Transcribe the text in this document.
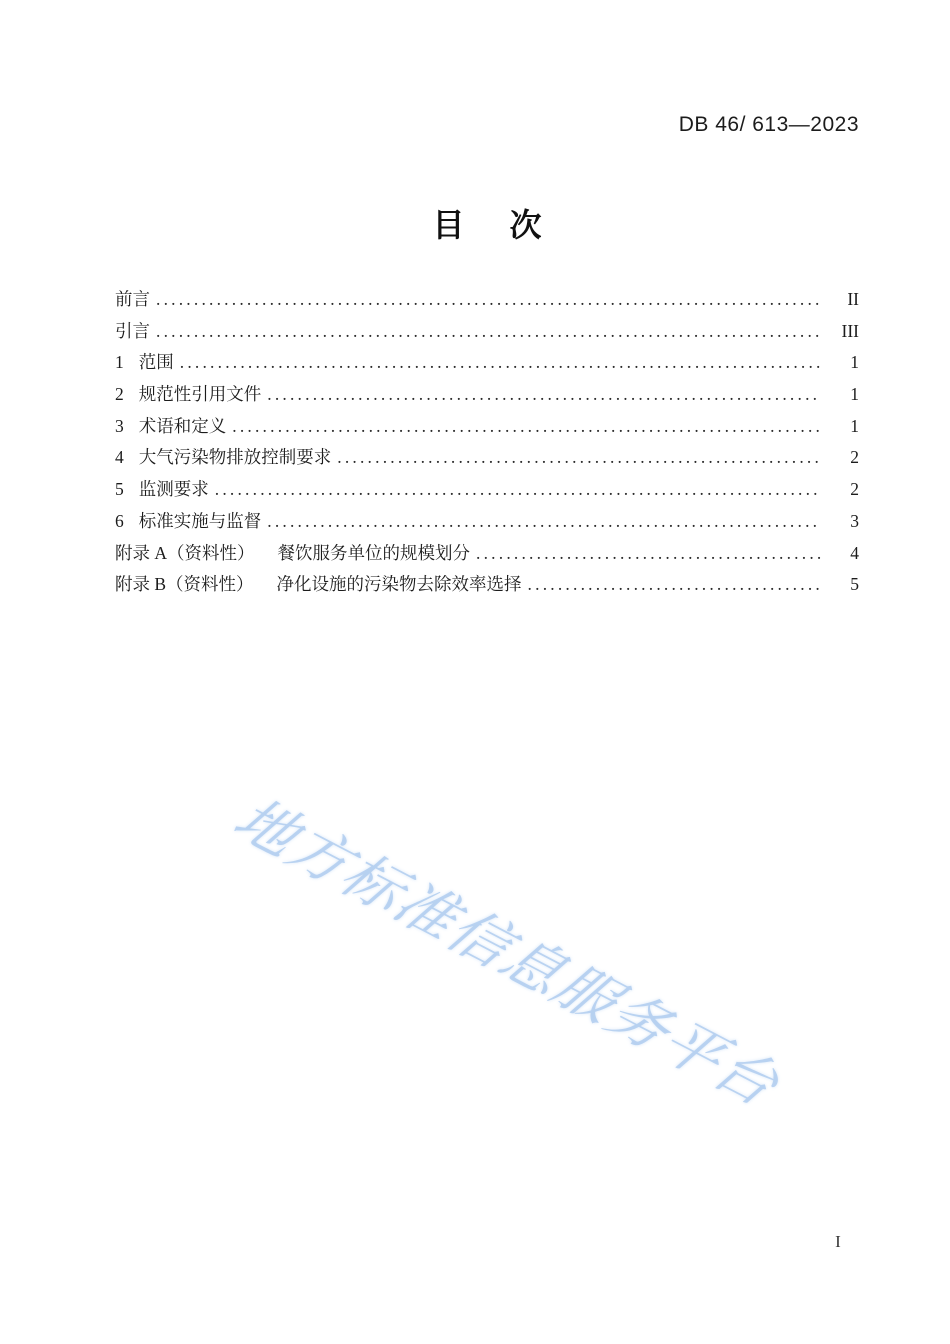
DB 46/ 613—2023
目 次
前言 .....	II
引言 .....	III
1 范围 .....	1
2 规范性引用文件 .....	1
3 术语和定义 .....	1
4 大气污染物排放控制要求 .....	2
5 监测要求 .....	2
6 标准实施与监督 .....	3
附录 A（资料性） 餐饮服务单位的规模划分 .....	4
附录 B（资料性） 净化设施的污染物去除效率选择 .....	5
地方标准信息服务平台
I
